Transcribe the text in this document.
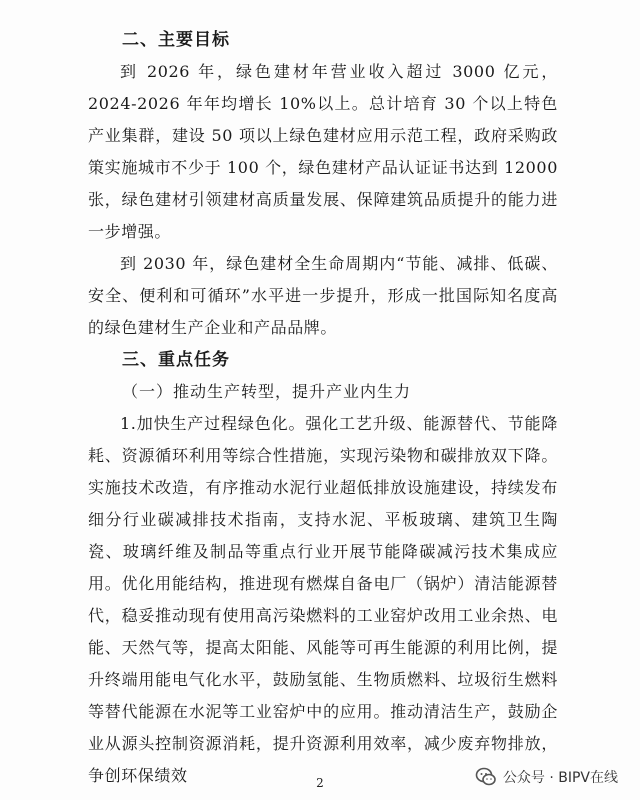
二、主要目标

到 2026 年，绿色建材年营业收入超过 3000 亿元，2024-2026 年年均增长 10%以上。总计培育 30 个以上特色产业集群，建设 50 项以上绿色建材应用示范工程，政府采购政策实施城市不少于 100 个，绿色建材产品认证证书达到 12000 张，绿色建材引领建材高质量发展、保障建筑品质提升的能力进一步增强。

到 2030 年，绿色建材全生命周期内“节能、减排、低碳、安全、便利和可循环”水平进一步提升，形成一批国际知名度高的绿色建材生产企业和产品品牌。

三、重点任务

（一）推动生产转型，提升产业内生力

1.加快生产过程绿色化。强化工艺升级、能源替代、节能降耗、资源循环利用等综合性措施，实现污染物和碳排放双下降。实施技术改造，有序推动水泥行业超低排放设施建设，持续发布细分行业碳减排技术指南，支持水泥、平板玻璃、建筑卫生陶瓷、玻璃纤维及制品等重点行业开展节能降碳减污技术集成应用。优化用能结构，推进现有燃煤自备电厂（锅炉）清洁能源替代，稳妥推动现有使用高污染燃料的工业窑炉改用工业余热、电能、天然气等，提高太阳能、风能等可再生能源的利用比例，提升终端用能电气化水平，鼓励氢能、生物质燃料、垃圾衍生燃料等替代能源在水泥等工业窑炉中的应用。推动清洁生产，鼓励企业从源头控制资源消耗，提升资源利用效率，减少废弃物排放，争创环保绩效	2	公众号 · BIPV在线
